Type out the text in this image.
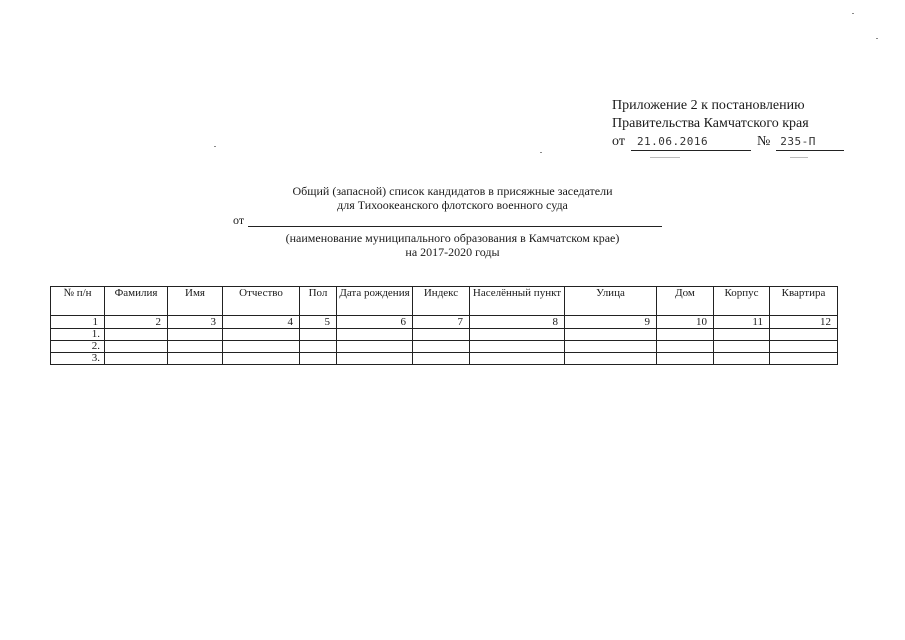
Приложение 2 к постановлению
Правительства Камчатского края
от	21.06.2016	№ 235-П
Общий (запасной) список кандидатов в присяжные заседатели
для Тихоокеанского флотского военного суда
от
(наименование муниципального образования в Камчатском крае)
на 2017-2020 годы
№ п/н	Фамилия	Имя	Отчество	Пол	Дата рождения	Индекс	Населённый пункт	Улица	Дом	Корпус	Квартира
1	2	3	4	5	6	7	8	9	10	11	12
1.											
2.											
3.											
